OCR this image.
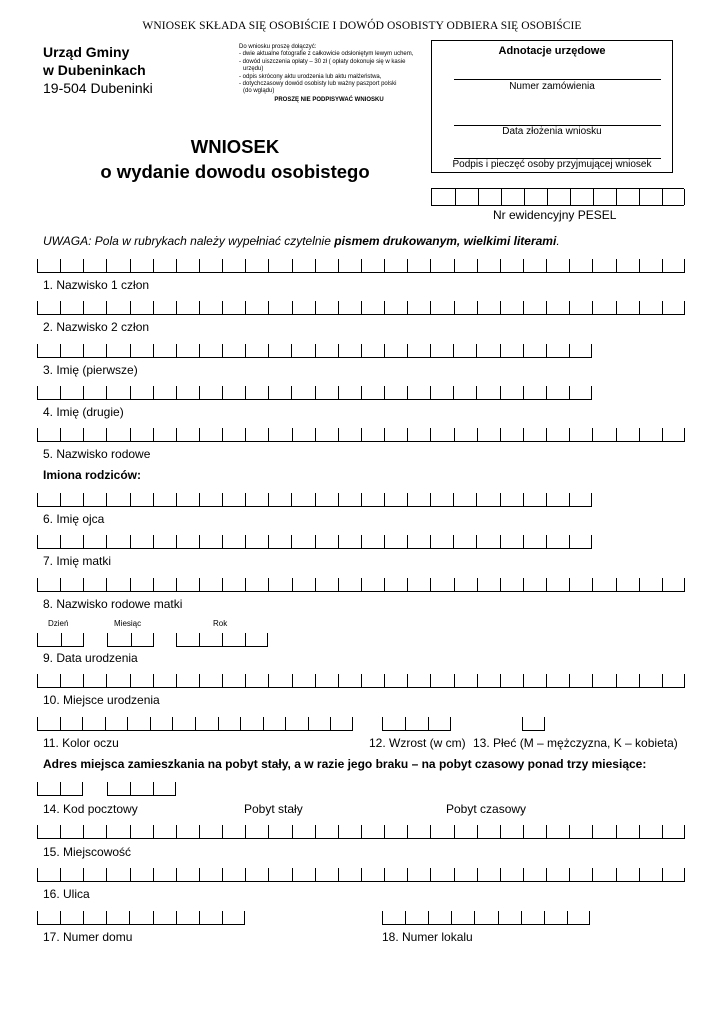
WNIOSEK SKŁADA SIĘ OSOBIŚCIE I DOWÓD OSOBISTY ODBIERA SIĘ OSOBIŚCIE
Urząd Gminy
w Dubeninkach
19-504 Dubeninki
Do wniosku proszę dołączyć:
- dwie aktualne fotografie z całkowicie odsłoniętym lewym uchem,
- dowód uiszczenia opłaty – 30 zł ( opłaty dokonuje się w kasie
urzędu)
- odpis skrócony aktu urodzenia lub aktu małżeństwa,
- dotychczasowy dowód osobisty lub ważny paszport polski
(do wglądu)
PROSZĘ NIE PODPISYWAĆ WNIOSKU
Adnotacje urzędowe
Numer zamówienia
Data złożenia wniosku
Podpis i pieczęć osoby przyjmującej wniosek
WNIOSEK
o wydanie dowodu osobistego
Nr ewidencyjny PESEL
UWAGA: Pola w rubrykach należy wypełniać czytelnie pismem drukowanym, wielkimi literami.
1. Nazwisko 1 człon
2. Nazwisko 2 człon
3. Imię (pierwsze)
4. Imię (drugie)
5. Nazwisko rodowe
Imiona rodziców:
6. Imię ojca
7. Imię matki
8. Nazwisko rodowe matki
Dzień	Miesiąc	Rok
9. Data urodzenia
10. Miejsce urodzenia
11. Kolor oczu	12. Wzrost (w cm) 13. Płeć (M – mężczyzna, K – kobieta)
Adres miejsca zamieszkania na pobyt stały, a w razie jego braku – na pobyt czasowy ponad trzy miesiące:
14. Kod pocztowy	Pobyt stały	Pobyt czasowy
15. Miejscowość
16. Ulica
17. Numer domu	18. Numer lokalu
